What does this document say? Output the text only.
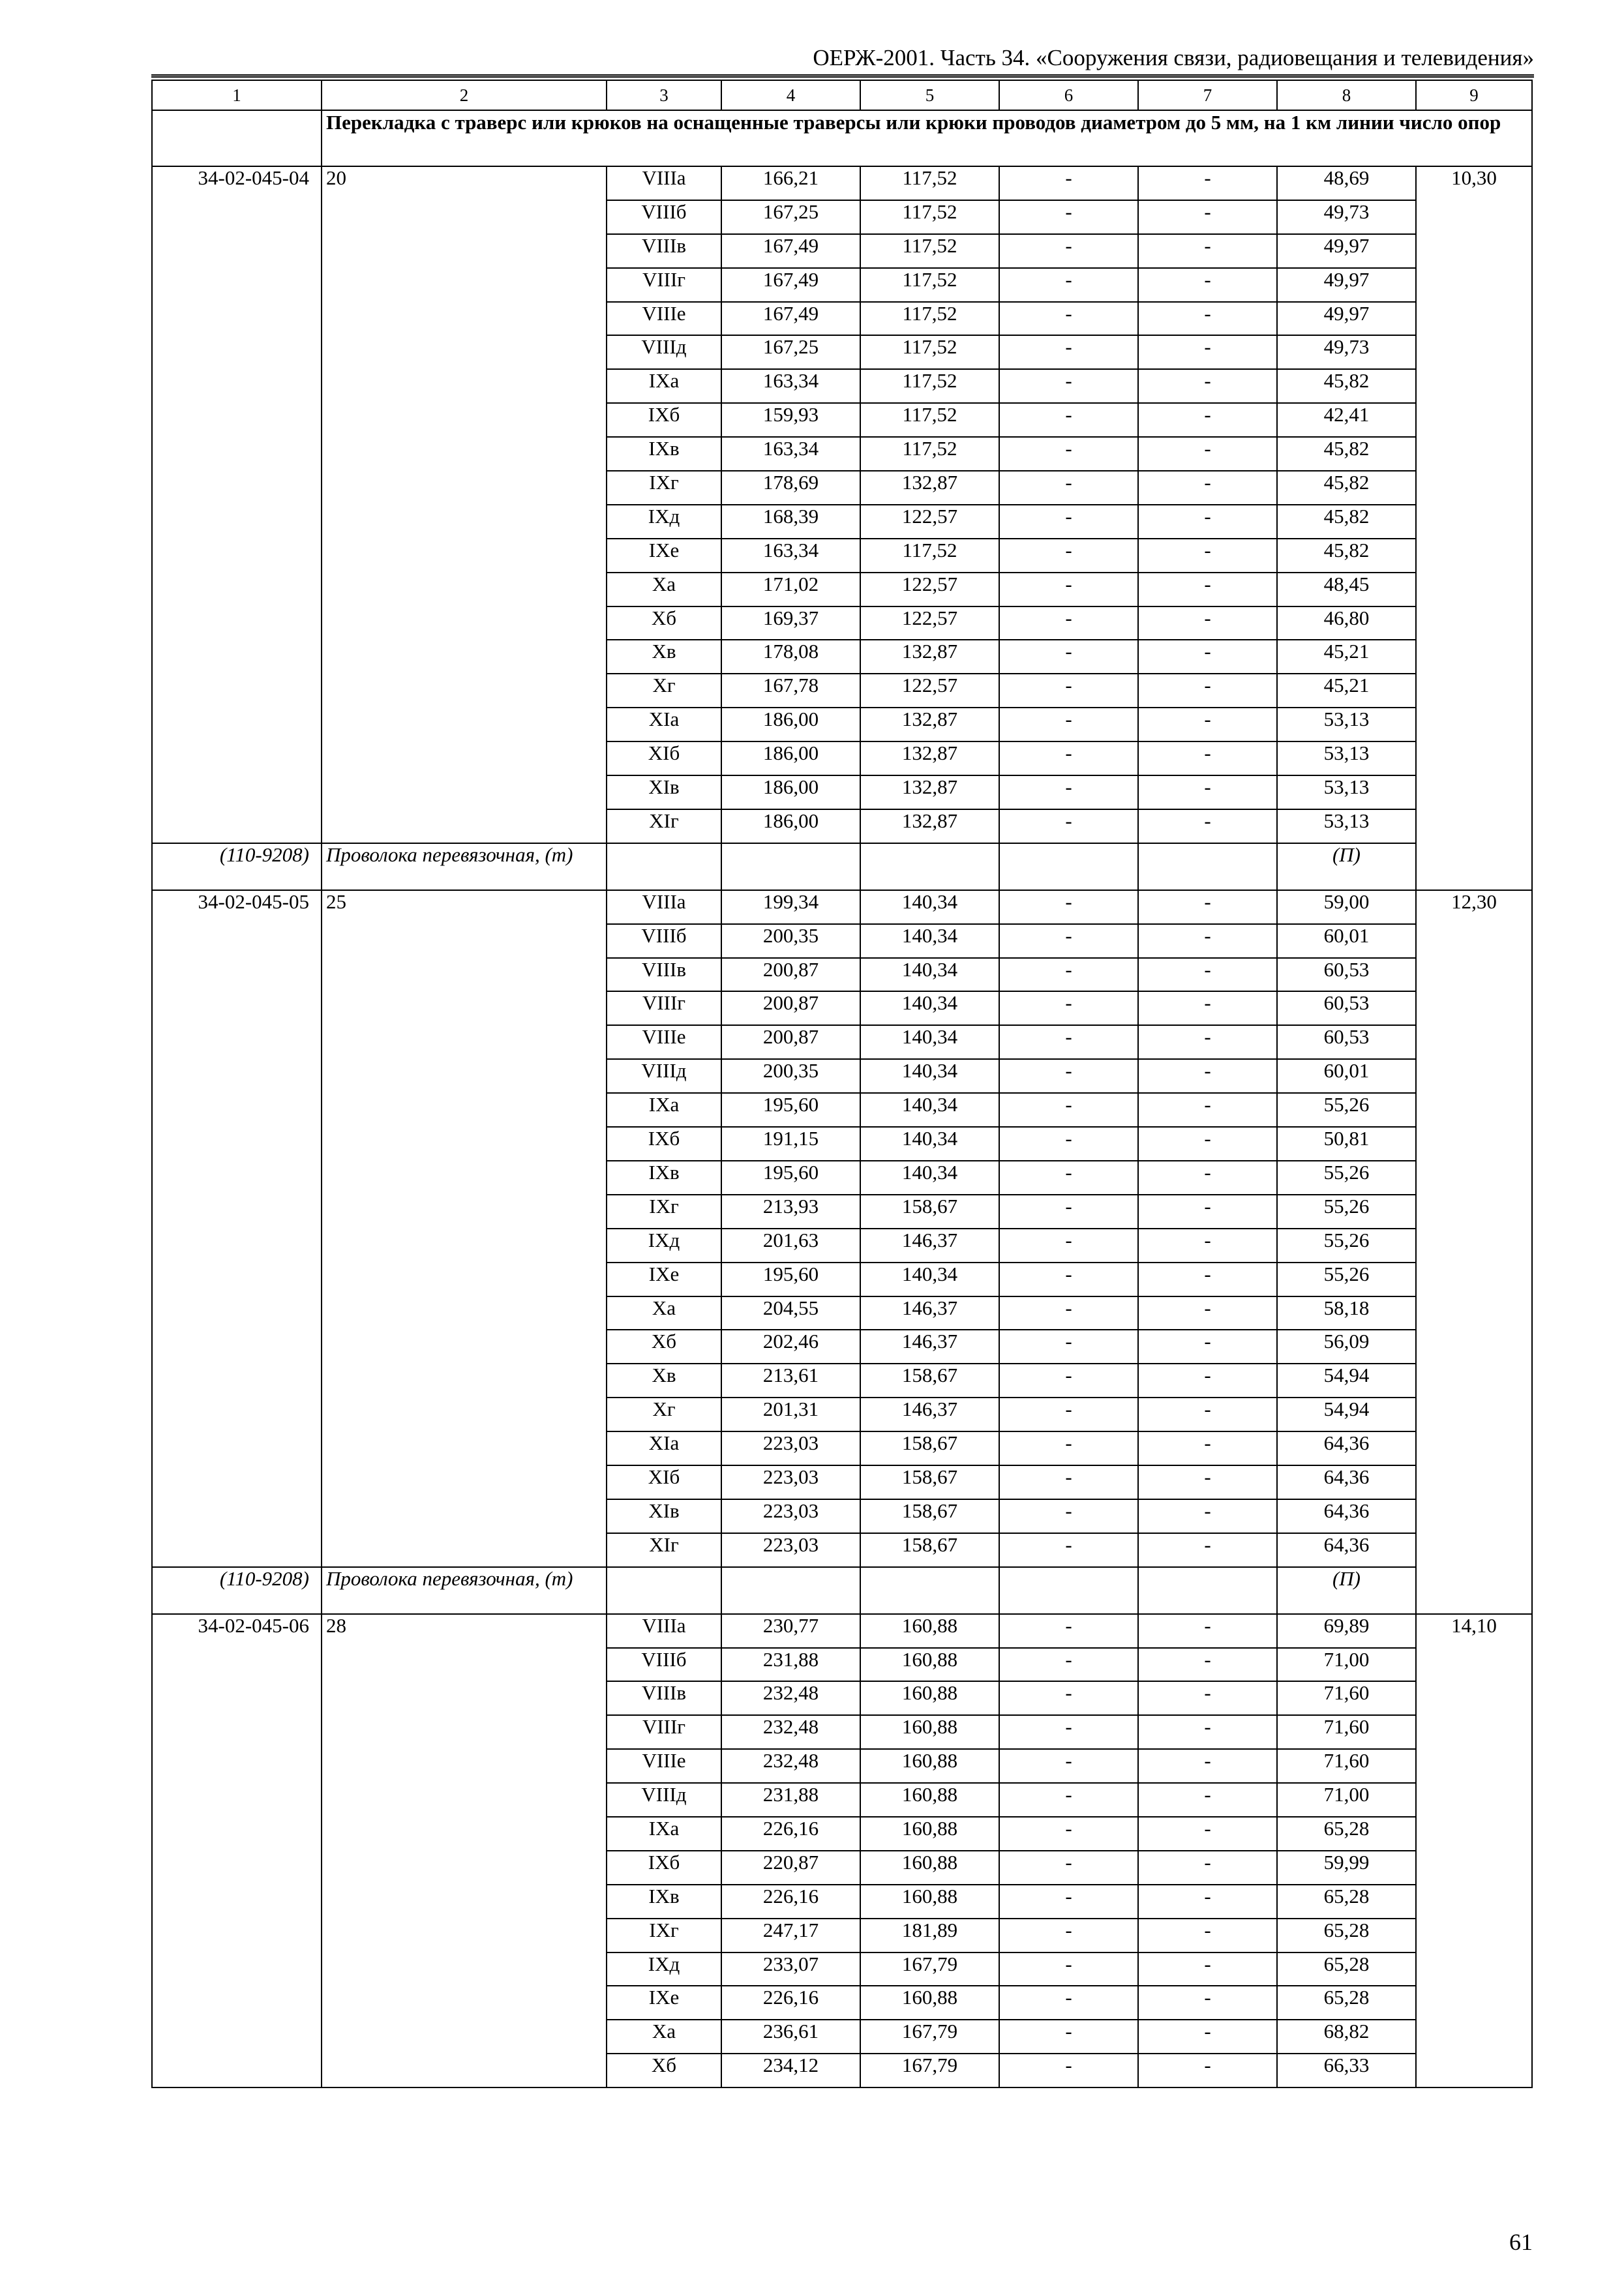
ОЕРЖ-2001. Часть 34. «Сооружения связи, радиовещания и телевидения»
1	2	3	4	5	6	7	8	9
	Перекладка с траверс или крюков на оснащенные траверсы или крюки проводов диаметром до 5 мм, на 1 км линии число опор							
34-02-045-04	20	VIIIа	166,21	117,52	-	-	48,69	10,30
		VIIIб	167,25	117,52	-	-	49,73	
		VIIIв	167,49	117,52	-	-	49,97	
		VIIIг	167,49	117,52	-	-	49,97	
		VIIIе	167,49	117,52	-	-	49,97	
		VIIIд	167,25	117,52	-	-	49,73	
		IXа	163,34	117,52	-	-	45,82	
		IXб	159,93	117,52	-	-	42,41	
		IXв	163,34	117,52	-	-	45,82	
		IXг	178,69	132,87	-	-	45,82	
		IXд	168,39	122,57	-	-	45,82	
		IXе	163,34	117,52	-	-	45,82	
		Xа	171,02	122,57	-	-	48,45	
		Xб	169,37	122,57	-	-	46,80	
		Xв	178,08	132,87	-	-	45,21	
		Xг	167,78	122,57	-	-	45,21	
		XIа	186,00	132,87	-	-	53,13	
		XIб	186,00	132,87	-	-	53,13	
		XIв	186,00	132,87	-	-	53,13	
		XIг	186,00	132,87	-	-	53,13	
(110-9208)	Проволока перевязочная, (т)						(П)	
34-02-045-05	25	VIIIа	199,34	140,34	-	-	59,00	12,30
		VIIIб	200,35	140,34	-	-	60,01	
		VIIIв	200,87	140,34	-	-	60,53	
		VIIIг	200,87	140,34	-	-	60,53	
		VIIIе	200,87	140,34	-	-	60,53	
		VIIIд	200,35	140,34	-	-	60,01	
		IXа	195,60	140,34	-	-	55,26	
		IXб	191,15	140,34	-	-	50,81	
		IXв	195,60	140,34	-	-	55,26	
		IXг	213,93	158,67	-	-	55,26	
		IXд	201,63	146,37	-	-	55,26	
		IXе	195,60	140,34	-	-	55,26	
		Xа	204,55	146,37	-	-	58,18	
		Xб	202,46	146,37	-	-	56,09	
		Xв	213,61	158,67	-	-	54,94	
		Xг	201,31	146,37	-	-	54,94	
		XIа	223,03	158,67	-	-	64,36	
		XIб	223,03	158,67	-	-	64,36	
		XIв	223,03	158,67	-	-	64,36	
		XIг	223,03	158,67	-	-	64,36	
(110-9208)	Проволока перевязочная, (т)						(П)	
34-02-045-06	28	VIIIа	230,77	160,88	-	-	69,89	14,10
		VIIIб	231,88	160,88	-	-	71,00	
		VIIIв	232,48	160,88	-	-	71,60	
		VIIIг	232,48	160,88	-	-	71,60	
		VIIIе	232,48	160,88	-	-	71,60	
		VIIIд	231,88	160,88	-	-	71,00	
		IXа	226,16	160,88	-	-	65,28	
		IXб	220,87	160,88	-	-	59,99	
		IXв	226,16	160,88	-	-	65,28	
		IXг	247,17	181,89	-	-	65,28	
		IXд	233,07	167,79	-	-	65,28	
		IXе	226,16	160,88	-	-	65,28	
		Xа	236,61	167,79	-	-	68,82	
		Xб	234,12	167,79	-	-	66,33	
61
